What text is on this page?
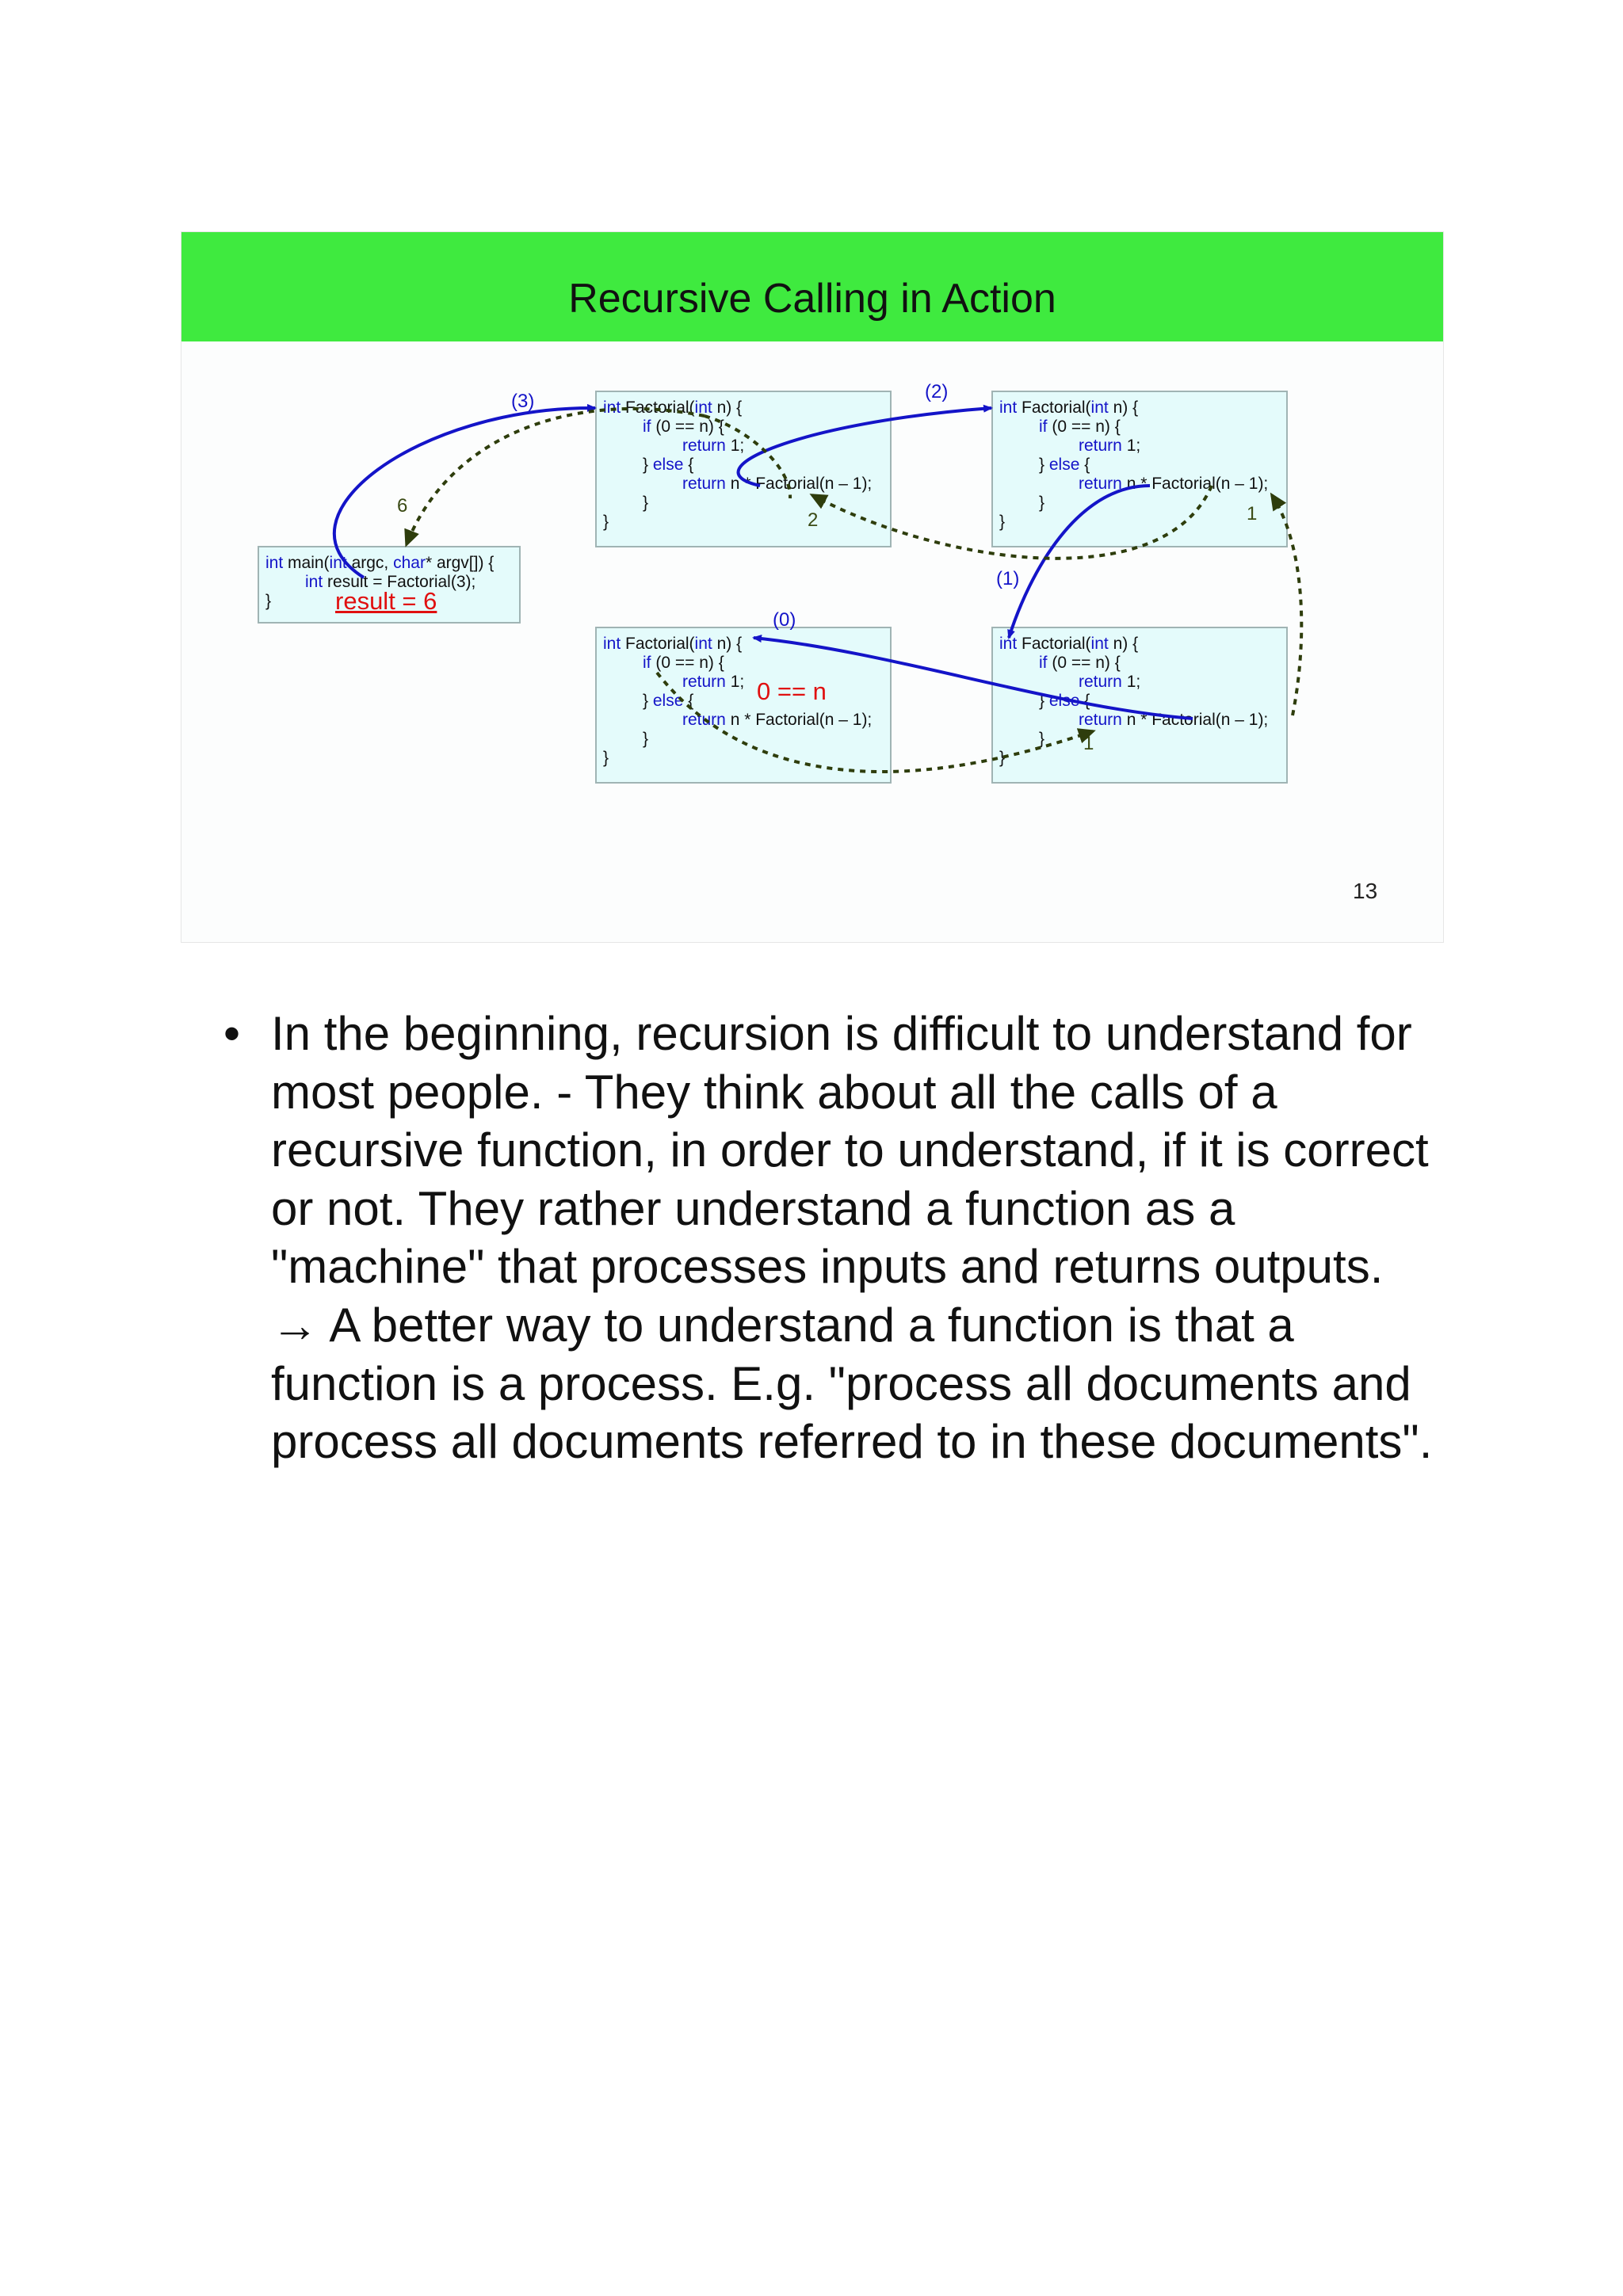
Recursive Calling in Action
int main(int argc, char* argv[]) {
int result = Factorial(3);
}
int Factorial(int n) {
if (0 == n) {
return 1;
} else {
return n * Factorial(n – 1);
}
}
int Factorial(int n) {
if (0 == n) {
return 1;
} else {
return n * Factorial(n – 1);
}
}
int Factorial(int n) {
if (0 == n) {
return 1;
} else {
return n * Factorial(n – 1);
}
}
int Factorial(int n) {
if (0 == n) {
return 1;
} else {
return n * Factorial(n – 1);
}
}
(3)	(2)
(1)
(0)
6
2	1
1
0 == n
result = 6
13
• In the beginning, recursion is difficult to understand for most people. - They think about all the calls of a recursive function, in order to understand, if it is correct or not. They rather understand a function as a "machine" that processes inputs and returns outputs. → A better way to understand a function is that a function is a process. E.g. "process all documents and process all documents referred to in these documents".
